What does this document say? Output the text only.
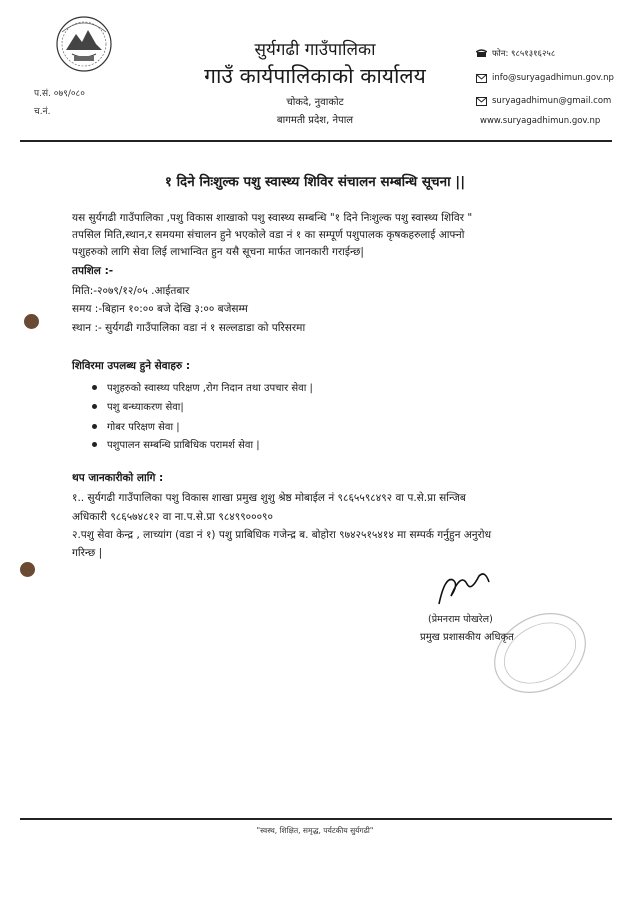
प.सं. ०७९/०८०
च.नं.
सुर्यगढी गाउँपालिका
गाउँ कार्यपालिकाको कार्यालय
चोकदे, नुवाकोट
बागमती प्रदेश, नेपाल
फोन: ९८५१३१६२५८
info@suryagadhimun.gov.np
suryagadhimun@gmail.com
www.suryagadhimun.gov.np
१ दिने निःशुल्क पशु स्वास्थ्य शिविर संचालन सम्बन्धि सूचना ||
यस सुर्यगढी गाउँपालिका ,पशु विकास शाखाको पशु स्वास्थ्य सम्बन्धि "१ दिने निःशुल्क पशु स्वास्थ्य शिविर "
तपसिल मिति,स्थान,र समयमा संचालन हुने भएकोले वडा नं १ का सम्पूर्ण पशुपालक कृषकहरुलाई आफ्नो
पशुहरुको लागि सेवा लिई लाभान्वित हुन यसै सूचना मार्फत जानकारी गराईन्छ|
तपशिल :-
मिति:-२०७९/१२/०५ .आईतबार
समय :-बिहान १०:०० बजे देखि ३:०० बजेसम्म
स्थान :- सुर्यगढी गाउँपालिका वडा नं १ सल्लडाडा को परिसरमा
शिविरमा उपलब्ध हुने सेवाहरु :
पशुहरुको स्वास्थ्य परिक्षण ,रोग निदान तथा उपचार सेवा |
पशु बन्ध्याकरण सेवा|
गोबर परिक्षण सेवा |
पशुपालन सम्बन्धि प्राबिधिक परामर्श सेवा |
थप जानकारीको लागि :
१.. सुर्यगढी गाउँपालिका पशु विकास शाखा प्रमुख शुशु श्रेष्ठ मोबाईल नं ९८६५५९८४९२ वा प.से.प्रा सन्जिब
अधिकारी ९८६५७४८१२ वा ना.प.से.प्रा ९८४९९०००९०
२.पशु सेवा केन्द्र , लाच्यांग (वडा नं १) पशु प्राबिधिक गजेन्द्र ब. बोहोरा ९७४२५१५४१४ मा सम्पर्क गर्नुहुन अनुरोध
गरिन्छ |
(प्रेमनराम पोखरेल)
प्रमुख प्रशासकीय अधिकृत
"स्वस्थ, शिक्षित, समृद्ध, पर्यटकीय सुर्यगढी"
